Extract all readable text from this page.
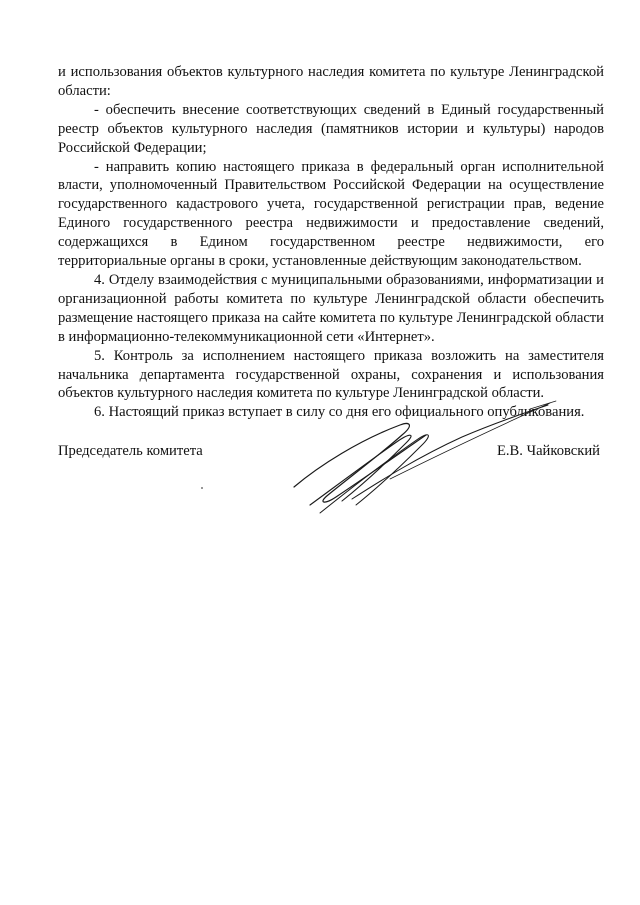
и использования объектов культурного наследия комитета по культуре Ленинградской области:

- обеспечить внесение соответствующих сведений в Единый государственный реестр объектов культурного наследия (памятников истории и культуры) народов Российской Федерации;

- направить копию настоящего приказа в федеральный орган исполнительной власти, уполномоченный Правительством Российской Федерации на осуществление государственного кадастрового учета, государственной регистрации прав, ведение Единого государственного реестра недвижимости и предоставление сведений, содержащихся в Едином государственном реестре недвижимости, его территориальные органы в сроки, установленные действующим законодательством.

4. Отделу взаимодействия с муниципальными образованиями, информатизации и организационной работы комитета по культуре Ленинградской области обеспечить размещение настоящего приказа на сайте комитета по культуре Ленинградской области в информационно-телекоммуникационной сети «Интернет».

5. Контроль за исполнением настоящего приказа возложить на заместителя начальника департамента государственной охраны, сохранения и использования объектов культурного наследия комитета по культуре Ленинградской области.

6. Настоящий приказ вступает в силу со дня его официального опубликования.

Председатель комитета	Е.В. Чайковский
